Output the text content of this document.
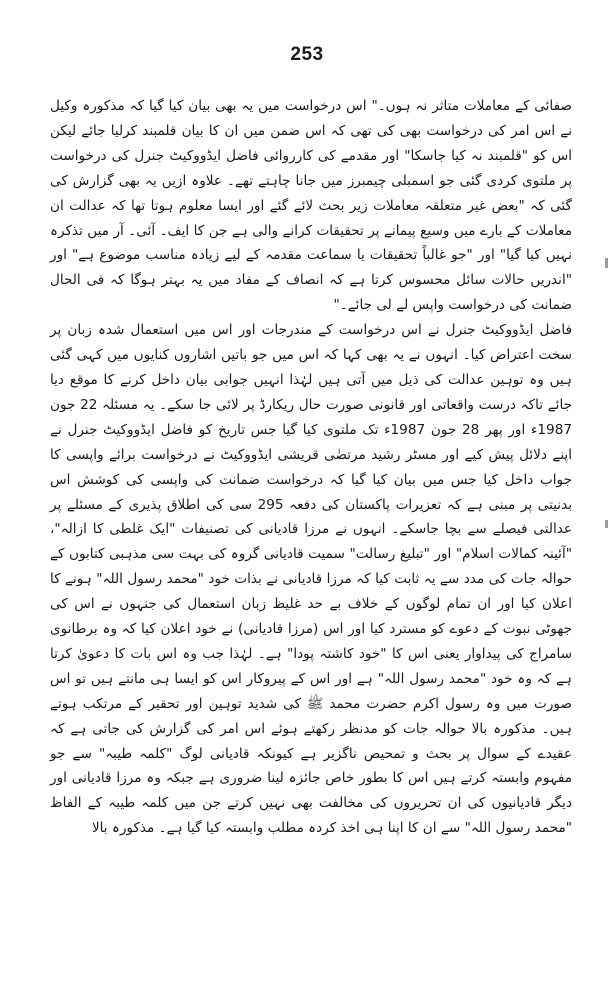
253

صفائی کے معاملات متاثر نہ ہوں۔" اس درخواست میں یہ بھی بیان کیا گیا کہ مذکورہ وکیل نے اس امر کی درخواست بھی کی تھی کہ اس ضمن میں ان کا بیان قلمبند کرلیا جائے لیکن اس کو "قلمبند نہ کیا جاسکا" اور مقدمے کی کارروائی فاضل ایڈووکیٹ جنرل کی درخواست پر ملتوی کردی گئی جو اسمبلی چیمبرز میں جانا چاہتے تھے۔ علاوہ ازیں یہ بھی گزارش کی گئی کہ "بعض غیر متعلقہ معاملات زیر بحث لائے گئے اور ایسا معلوم ہوتا تھا کہ عدالت ان معاملات کے بارے میں وسیع پیمانے پر تحقیقات کرانے والی ہے جن کا ایف۔ آئی۔ آر میں تذکرہ نہیں کیا گیا" اور "جو غالباً تحقیقات یا سماعت مقدمہ کے لیے زیادہ مناسب موضوع ہے" اور "اندریں حالات سائل محسوس کرتا ہے کہ انصاف کے مفاد میں یہ بہتر ہوگا کہ فی الحال ضمانت کی درخواست واپس لے لی جائے۔"

فاضل ایڈووکیٹ جنرل نے اس درخواست کے مندرجات اور اس میں استعمال شدہ زبان پر سخت اعتراض کیا۔ انہوں نے یہ بھی کہا کہ اس میں جو باتیں اشاروں کنایوں میں کہی گئی ہیں وہ توہین عدالت کی ذیل میں آتی ہیں لہٰذا انہیں جوابی بیان داخل کرنے کا موقع دیا جائے تاکہ درست واقعاتی اور قانونی صورت حال ریکارڈ پر لائی جا سکے۔ یہ مسئلہ 22 جون 1987ء اور پھر 28 جون 1987ء تک ملتوی کیا گیا جس تاریخ کو فاضل ایڈووکیٹ جنرل نے اپنے دلائل پیش کیے اور مسٹر رشید مرتضٰی قریشی ایڈووکیٹ نے درخواست برائے واپسی کا جواب داخل کیا جس میں بیان کیا گیا کہ درخواست ضمانت کی واپسی کی کوشش اس بدنیتی پر مبنی ہے کہ تعزیرات پاکستان کی دفعہ 295 سی کی اطلاق پذیری کے مسئلے پر عدالتی فیصلے سے بچا جاسکے۔ انہوں نے مرزا قادیانی کی تصنیفات "ایک غلطی کا ازالہ"، "آئینہ کمالات اسلام" اور "تبلیغ رسالت" سمیت قادیانی گروہ کی بہت سی مذہبی کتابوں کے حوالہ جات کی مدد سے یہ ثابت کیا کہ مرزا قادیانی نے بذات خود "محمد رسول اللہ" ہونے کا اعلان کیا اور ان تمام لوگوں کے خلاف بے حد غلیظ زبان استعمال کی جنہوں نے اس کی جھوٹی نبوت کے دعوے کو مسترد کیا اور اس (مرزا قادیانی) نے خود اعلان کیا کہ وہ برطانوی سامراج کی پیداوار یعنی اس کا "خود کاشتہ پودا" ہے۔ لہٰذا جب وہ اس بات کا دعویٰ کرتا ہے کہ وہ خود "محمد رسول اللہ" ہے اور اس کے پیروکار اس کو ایسا ہی مانتے ہیں تو اس صورت میں وہ رسول اکرم حضرت محمد ﷺ کی شدید توہین اور تحقیر کے مرتکب ہوتے ہیں۔ مذکورہ بالا حوالہ جات کو مدنظر رکھتے ہوئے اس امر کی گزارش کی جاتی ہے کہ عقیدے کے سوال پر بحث و تمحیص ناگزیر ہے کیونکہ قادیانی لوگ "کلمہ طیبہ" سے جو مفہوم وابستہ کرتے ہیں اس کا بطور خاص جائزہ لینا ضروری ہے جبکہ وہ مرزا قادیانی اور دیگر قادیانیوں کی ان تحریروں کی مخالفت بھی نہیں کرتے جن میں کلمہ طیبہ کے الفاظ "محمد رسول اللہ" سے ان کا اپنا ہی اخذ کردہ مطلب وابستہ کیا گیا ہے۔ مذکورہ بالا
